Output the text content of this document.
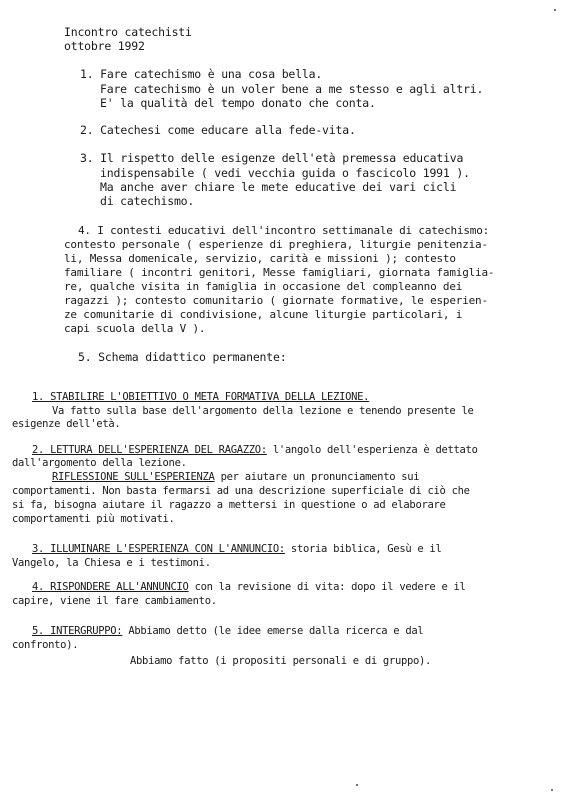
Incontro catechisti
ottobre 1992
1. Fare catechismo è una cosa bella.
Fare catechismo è un voler bene a me stesso e agli altri.
E' la qualità del tempo donato che conta.
2. Catechesi come educare alla fede-vita.
3. Il rispetto delle esigenze dell'età premessa educativa
indispensabile ( vedi vecchia guida o fascicolo 1991 ).
Ma anche aver chiare le mete educative dei vari cicli
di catechismo.
4. I contesti educativi dell'incontro settimanale di catechismo:
contesto personale ( esperienze di preghiera, liturgie penitenzia-
li, Messa domenicale, servizio, carità e missioni ); contesto
familiare ( incontri genitori, Messe famigliari, giornata famiglia-
re, qualche visita in famiglia in occasione del compleanno dei
ragazzi ); contesto comunitario ( giornate formative, le esperien-
ze comunitarie di condivisione, alcune liturgie particolari, i
capi scuola della V ).
5. Schema didattico permanente:
1. STABILIRE L'OBIETTIVO O META FORMATIVA DELLA LEZIONE.
Va fatto sulla base dell'argomento della lezione e tenendo presente le
esigenze dell'età.
2. LETTURA DELL'ESPERIENZA DEL RAGAZZO: l'angolo dell'esperienza è dettato
dall'argomento della lezione.
RIFLESSIONE SULL'ESPERIENZA per aiutare un pronunciamento sui
comportamenti. Non basta fermarsi ad una descrizione superficiale di ciò che
si fa, bisogna aiutare il ragazzo a mettersi in questione o ad elaborare
comportamenti più motivati.
3. ILLUMINARE L'ESPERIENZA CON L'ANNUNCIO: storia biblica, Gesù e il
Vangelo, la Chiesa e i testimoni.
4. RISPONDERE ALL'ANNUNCIO con la revisione di vita: dopo il vedere e il
capire, viene il fare cambiamento.
5. INTERGRUPPO: Abbiamo detto (le idee emerse dalla ricerca e dal
confronto).
Abbiamo fatto (i propositi personali e di gruppo).
